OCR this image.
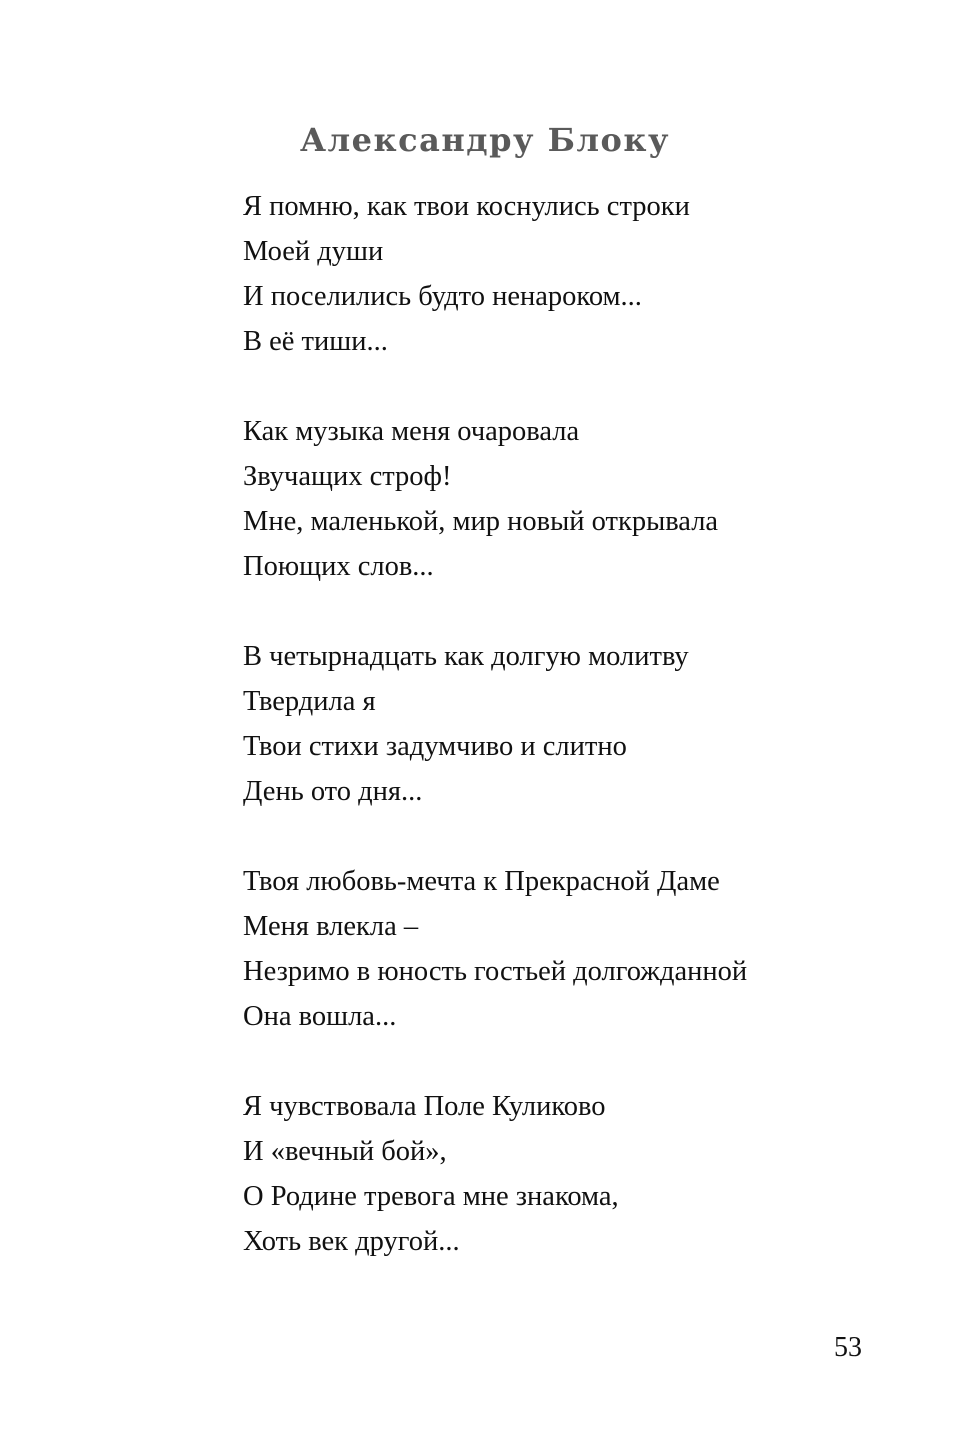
Александру Блоку
Я помню, как твои коснулись строки
Моей души
И поселились будто ненароком...
В её тиши...
Как музыка меня очаровала
Звучащих строф!
Мне, маленькой, мир новый открывала
Поющих слов...
В четырнадцать как долгую молитву
Твердила я
Твои стихи задумчиво и слитно
День ото дня...
Твоя любовь-мечта к Прекрасной Даме
Меня влекла –
Незримо в юность гостьей долгожданной
Она вошла...
Я чувствовала Поле Куликово
И «вечный бой»,
О Родине тревога мне знакома,
Хоть век другой...
53
